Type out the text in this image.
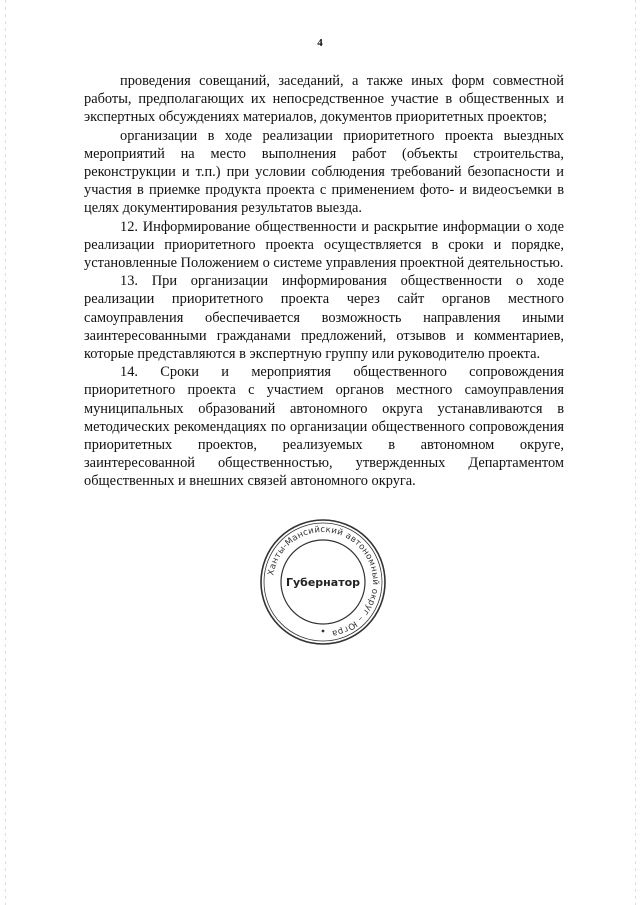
4

проведения совещаний, заседаний, а также иных форм совместной работы, предполагающих их непосредственное участие в общественных и экспертных обсуждениях материалов, документов приоритетных проектов;

организации в ходе реализации приоритетного проекта выездных мероприятий на место выполнения работ (объекты строительства, реконструкции и т.п.) при условии соблюдения требований безопасности и участия в приемке продукта проекта с применением фото- и видеосъемки в целях документирования результатов выезда.

12. Информирование общественности и раскрытие информации о ходе реализации приоритетного проекта осуществляется в сроки и порядке, установленные Положением о системе управления проектной деятельностью.

13. При организации информирования общественности о ходе реализации приоритетного проекта через сайт органов местного самоуправления обеспечивается возможность направления иными заинтересованными гражданами предложений, отзывов и комментариев, которые представляются в экспертную группу или руководителю проекта.

14. Сроки и мероприятия общественного сопровождения приоритетного проекта с участием органов местного самоуправления муниципальных образований автономного округа устанавливаются в методических рекомендациях по организации общественного сопровождения приоритетных проектов, реализуемых в автономном округе, заинтересованной общественностью, утвержденных Департаментом общественных и внешних связей автономного округа.

Ханты-Мансийский автономный округ – Югра
Губернатор
